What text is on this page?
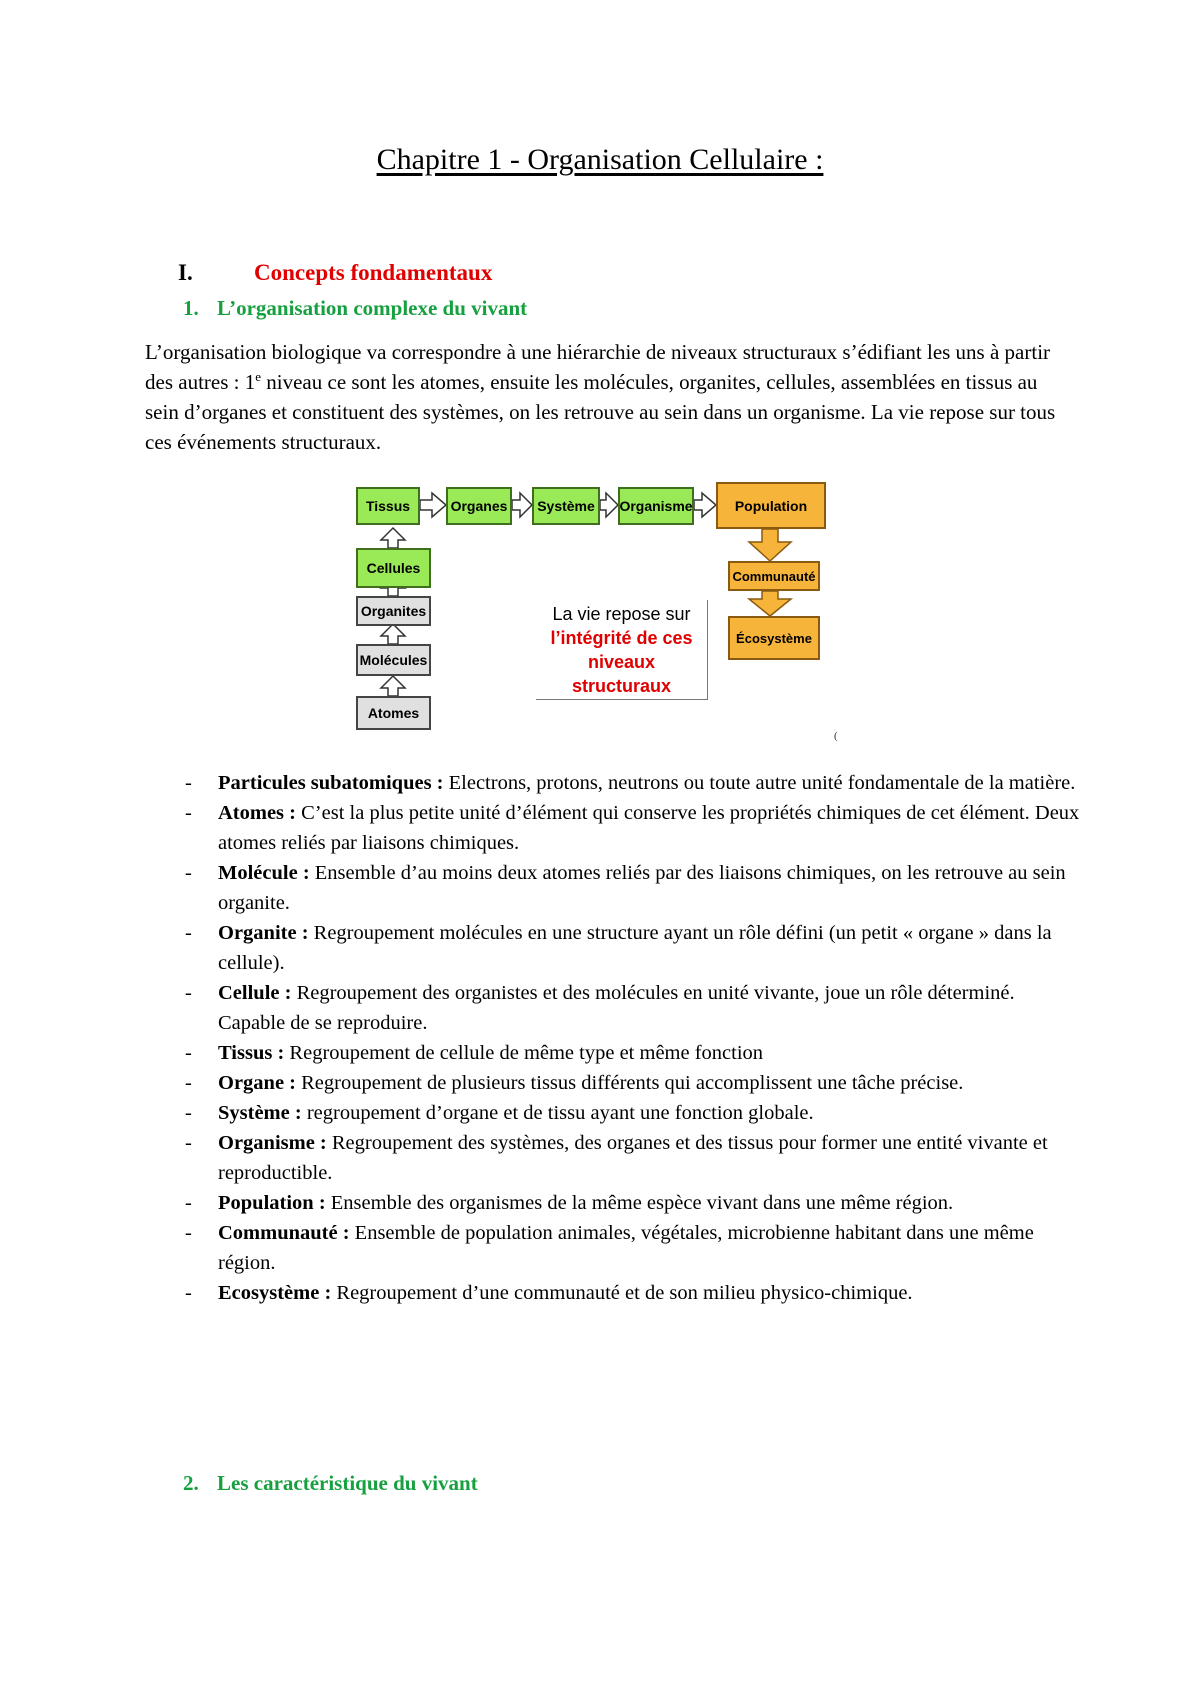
Chapitre 1 - Organisation Cellulaire :
I.	Concepts fondamentaux
1. L’organisation complexe du vivant

L’organisation biologique va correspondre à une hiérarchie de niveaux structuraux s’édifiant les uns à partir des autres : 1e niveau ce sont les atomes, ensuite les molécules, organites, cellules, assemblées en tissus au sein d’organes et constituent des systèmes, on les retrouve au sein dans un organisme. La vie repose sur tous ces événements structuraux.

Tissus	Organes	Système	Organisme	Population
Cellules
Organites
Molécules
Atomes
Communauté
Écosystème
La vie repose sur
l’intégrité de ces
niveaux
structuraux
(
- Particules subatomiques : Electrons, protons, neutrons ou toute autre unité fondamentale de la matière.
- Atomes : C’est la plus petite unité d’élément qui conserve les propriétés chimiques de cet élément. Deux atomes reliés par liaisons chimiques.
- Molécule : Ensemble d’au moins deux atomes reliés par des liaisons chimiques, on les retrouve au sein organite.
- Organite : Regroupement molécules en une structure ayant un rôle défini (un petit « organe » dans la cellule).
- Cellule : Regroupement des organistes et des molécules en unité vivante, joue un rôle déterminé. Capable de se reproduire.
- Tissus : Regroupement de cellule de même type et même fonction
- Organe : Regroupement de plusieurs tissus différents qui accomplissent une tâche précise.
- Système : regroupement d’organe et de tissu ayant une fonction globale.
- Organisme : Regroupement des systèmes, des organes et des tissus pour former une entité vivante et reproductible.
- Population : Ensemble des organismes de la même espèce vivant dans une même région.
- Communauté : Ensemble de population animales, végétales, microbienne habitant dans une même région.
- Ecosystème : Regroupement d’une communauté et de son milieu physico-chimique.
2. Les caractéristique du vivant
